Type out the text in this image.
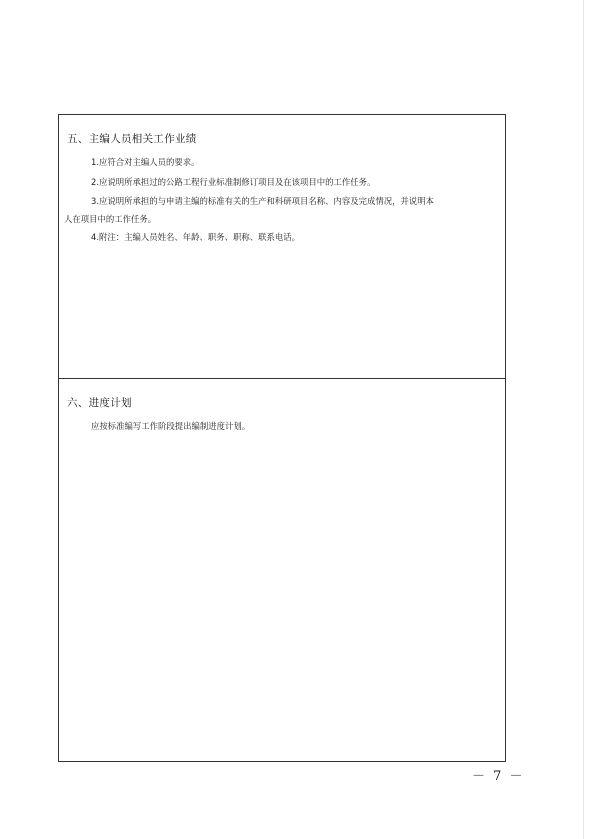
五、主编人员相关工作业绩
1.应符合对主编人员的要求。
2.应说明所承担过的公路工程行业标准制修订项目及在该项目中的工作任务。
3.应说明所承担的与申请主编的标准有关的生产和科研项目名称、内容及完成情况，并说明本
人在项目中的工作任务。
4.附注：主编人员姓名、年龄、职务、职称、联系电话。
六、进度计划
应按标准编写工作阶段提出编制进度计划。
－ 7 －
